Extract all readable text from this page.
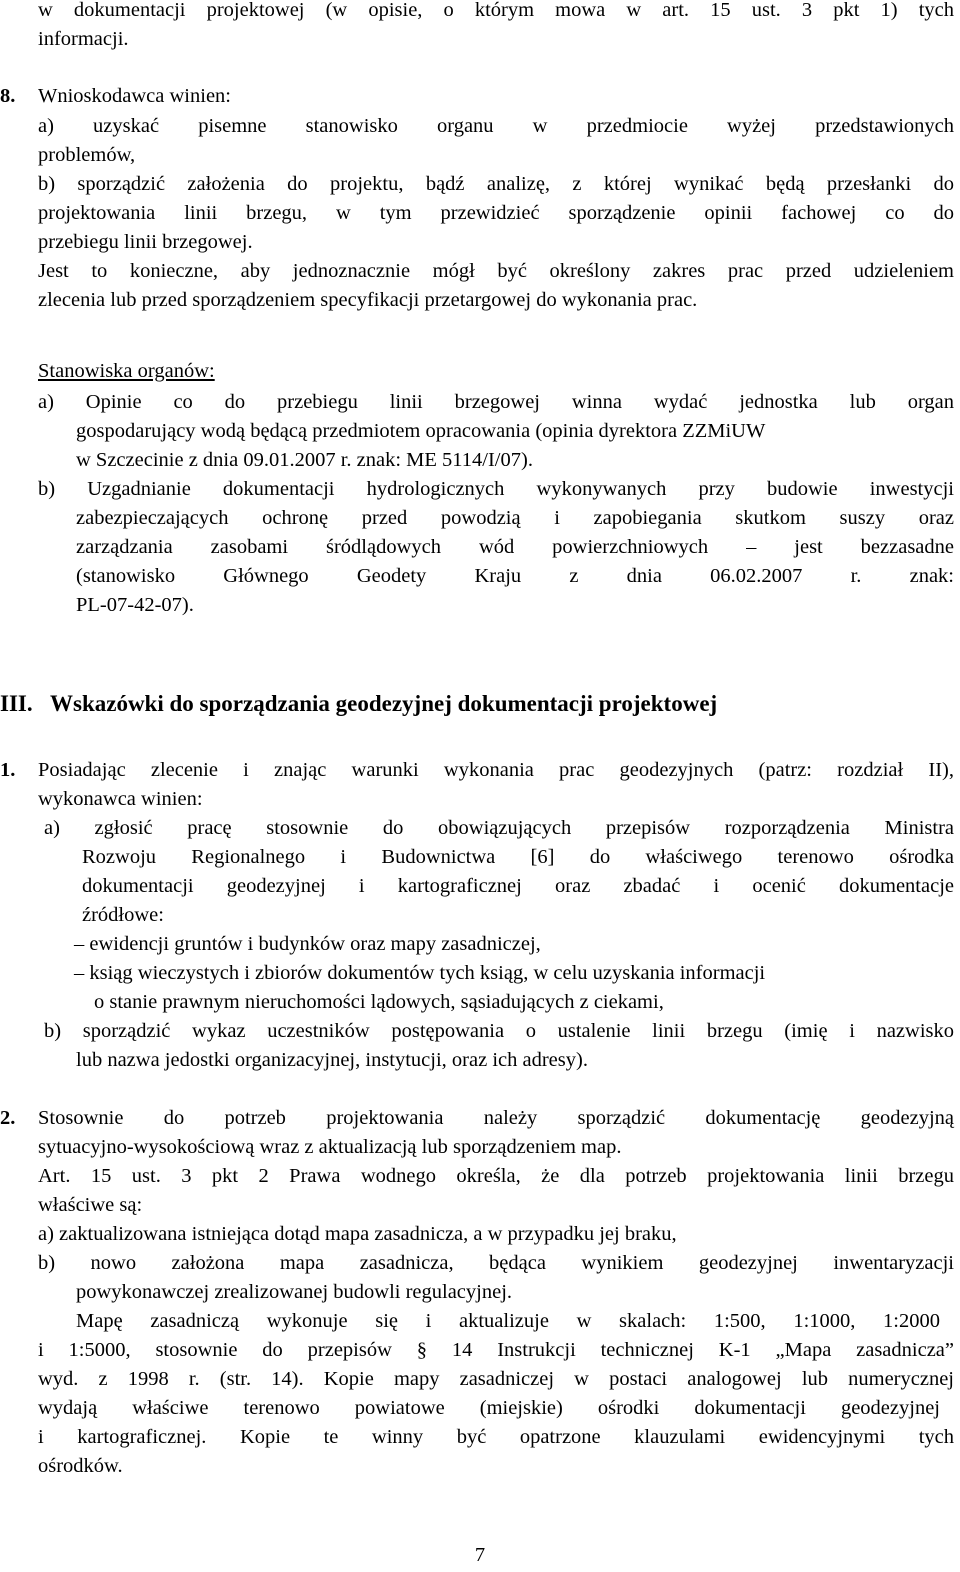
w dokumentacji projektowej (w opisie, o którym mowa w art. 15 ust. 3 pkt 1) tych
informacji.
8. Wnioskodawca winien:
a) uzyskać pisemne stanowisko organu w przedmiocie wyżej przedstawionych
problemów,
b) sporządzić założenia do projektu, bądź analizę, z której wynikać będą przesłanki do
projektowania linii brzegu, w tym przewidzieć sporządzenie opinii fachowej co do
przebiegu linii brzegowej.
Jest to konieczne, aby jednoznacznie mógł być określony zakres prac przed udzieleniem
zlecenia lub przed sporządzeniem specyfikacji przetargowej do wykonania prac.
Stanowiska organów:
a) Opinie co do przebiegu linii brzegowej winna wydać jednostka lub organ
gospodarujący wodą będącą przedmiotem opracowania (opinia dyrektora ZZMiUW
w Szczecinie z dnia 09.01.2007 r. znak: ME 5114/I/07).
b) Uzgadnianie dokumentacji hydrologicznych wykonywanych przy budowie inwestycji
zabezpieczających ochronę przed powodzią i zapobiegania skutkom suszy oraz
zarządzania zasobami śródlądowych wód powierzchniowych – jest bezzasadne
(stanowisko Głównego Geodety Kraju z dnia 06.02.2007 r. znak:
PL-07-42-07).
III. Wskazówki do sporządzania geodezyjnej dokumentacji projektowej
1. Posiadając zlecenie i znając warunki wykonania prac geodezyjnych (patrz: rozdział II),
wykonawca winien:
a) zgłosić pracę stosownie do obowiązujących przepisów rozporządzenia Ministra
Rozwoju Regionalnego i Budownictwa [6] do właściwego terenowo ośrodka
dokumentacji geodezyjnej i kartograficznej oraz zbadać i ocenić dokumentacje
źródłowe:
– ewidencji gruntów i budynków oraz mapy zasadniczej,
– ksiąg wieczystych i zbiorów dokumentów tych ksiąg, w celu uzyskania informacji
o stanie prawnym nieruchomości lądowych, sąsiadujących z ciekami,
b) sporządzić wykaz uczestników postępowania o ustalenie linii brzegu (imię i nazwisko
lub nazwa jedostki organizacyjnej, instytucji, oraz ich adresy).
2. Stosownie do potrzeb projektowania należy sporządzić dokumentację geodezyjną
sytuacyjno-wysokościową wraz z aktualizacją lub sporządzeniem map.
Art. 15 ust. 3 pkt 2 Prawa wodnego określa, że dla potrzeb projektowania linii brzegu
właściwe są:
a) zaktualizowana istniejąca dotąd mapa zasadnicza, a w przypadku jej braku,
b) nowo założona mapa zasadnicza, będąca wynikiem geodezyjnej inwentaryzacji
powykonawczej zrealizowanej budowli regulacyjnej.
Mapę zasadniczą wykonuje się i aktualizuje w skalach: 1:500, 1:1000, 1:2000
i 1:5000, stosownie do przepisów § 14 Instrukcji technicznej K-1 „Mapa zasadnicza”
wyd. z 1998 r. (str. 14). Kopie mapy zasadniczej w postaci analogowej lub numerycznej
wydają właściwe terenowo powiatowe (miejskie) ośrodki dokumentacji geodezyjnej
i kartograficznej. Kopie te winny być opatrzone klauzulami ewidencyjnymi tych
ośrodków.
7
